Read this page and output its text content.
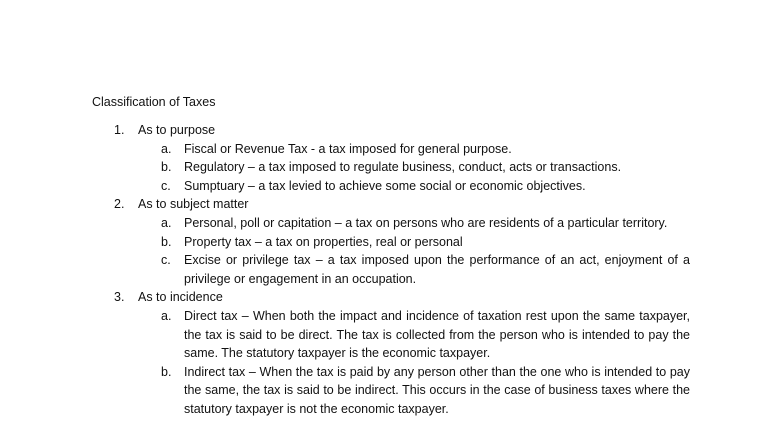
Classification of Taxes
1. As to purpose
a. Fiscal or Revenue Tax - a tax imposed for general purpose.
b. Regulatory – a tax imposed to regulate business, conduct, acts or transactions.
c. Sumptuary – a tax levied to achieve some social or economic objectives.
2. As to subject matter
a. Personal, poll or capitation – a tax on persons who are residents of a particular territory.
b. Property tax – a tax on properties, real or personal
c. Excise or privilege tax – a tax imposed upon the performance of an act, enjoyment of a privilege or engagement in an occupation.
3. As to incidence
a. Direct tax – When both the impact and incidence of taxation rest upon the same taxpayer, the tax is said to be direct. The tax is collected from the person who is intended to pay the same. The statutory taxpayer is the economic taxpayer.
b. Indirect tax – When the tax is paid by any person other than the one who is intended to pay the same, the tax is said to be indirect. This occurs in the case of business taxes where the statutory taxpayer is not the economic taxpayer.
